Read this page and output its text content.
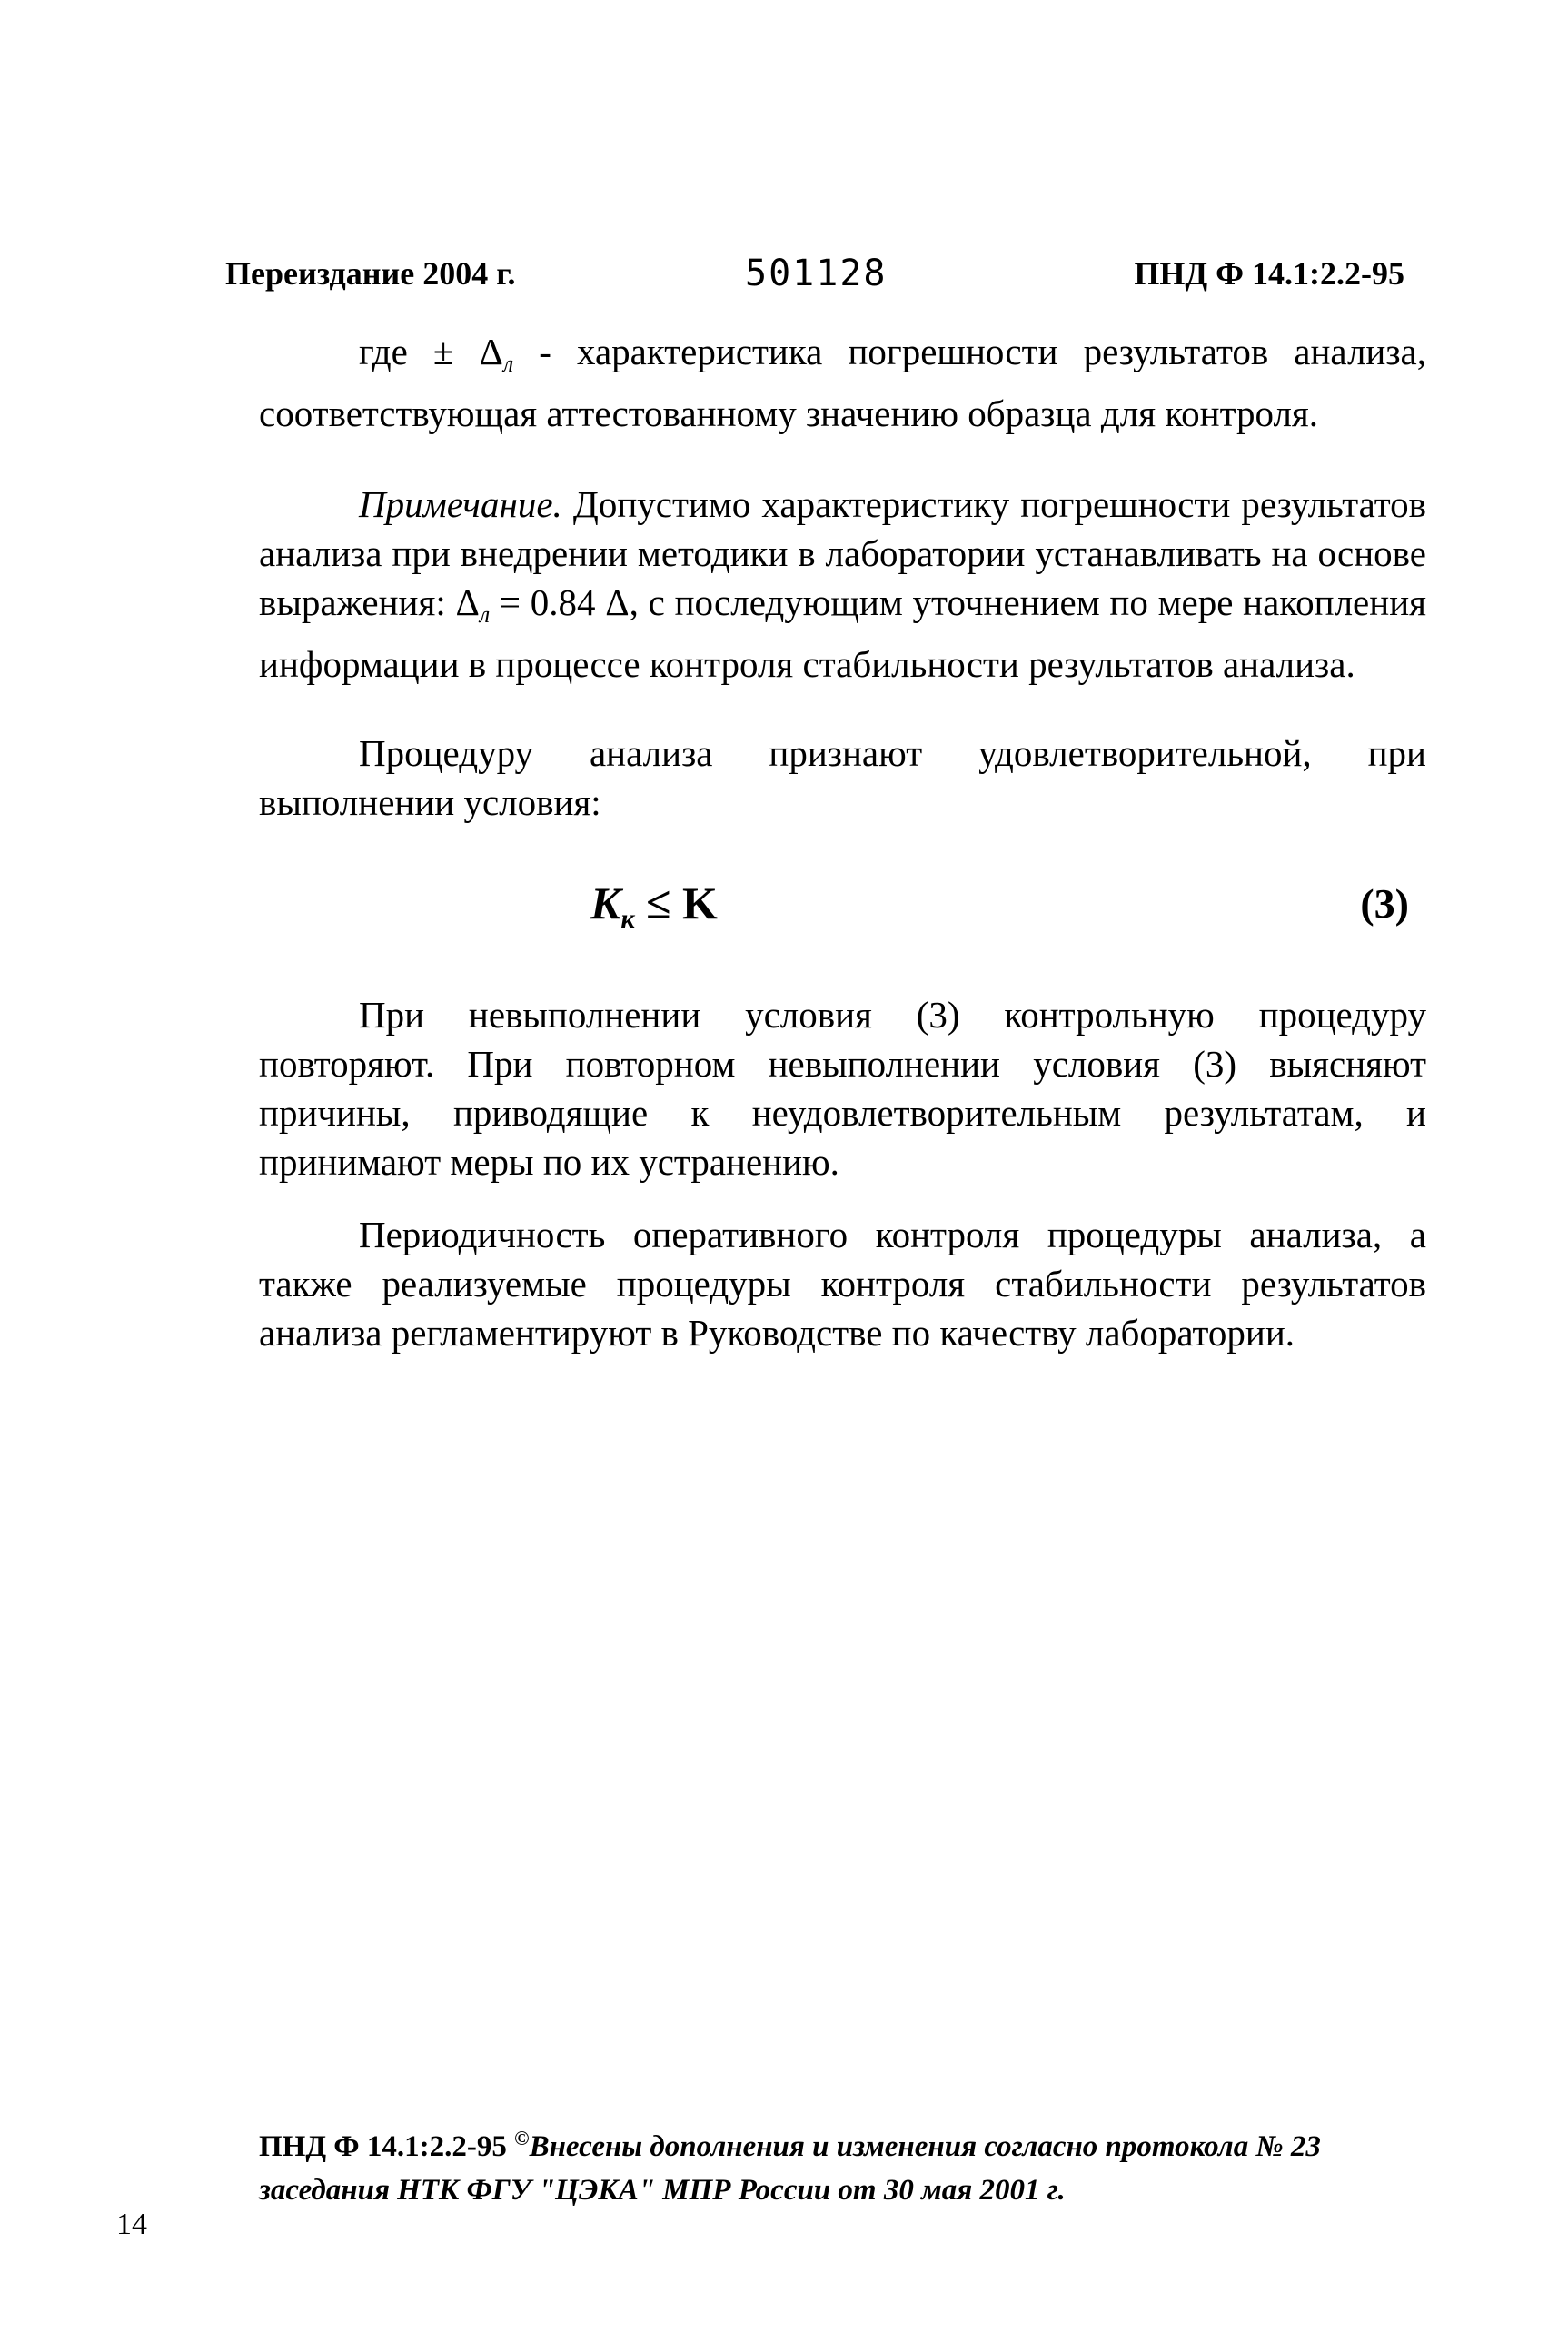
Переиздание 2004 г.	501128	ПНД Ф 14.1:2.2-95

где ± $\Delta_л$ - характеристика погрешности результатов анализа, соответствующая аттестованному значению образца для контроля.

Примечание. Допустимо характеристику погрешности результатов анализа при внедрении методики в лаборатории устанавливать на основе выражения: $\Delta_л = 0.84$ Δ, с последующим уточнением по мере накопления информации в процессе контроля стабильности результатов анализа.

Процедуру анализа признают удовлетворительной, при выполнении условия:

$K_к \le K$	(3)

При невыполнении условия (3) контрольную процедуру повторяют. При повторном невыполнении условия (3) выясняют причины, приводящие к неудовлетворительным результатам, и принимают меры по их устранению.

Периодичность оперативного контроля процедуры анализа, а также реализуемые процедуры контроля стабильности результатов анализа регламентируют в Руководстве по качеству лаборатории.

ПНД Ф 14.1:2.2-95 ©Внесены дополнения и изменения согласно протокола № 23 заседания НТК ФГУ "ЦЭКА" МПР России от 30 мая 2001 г.
14
